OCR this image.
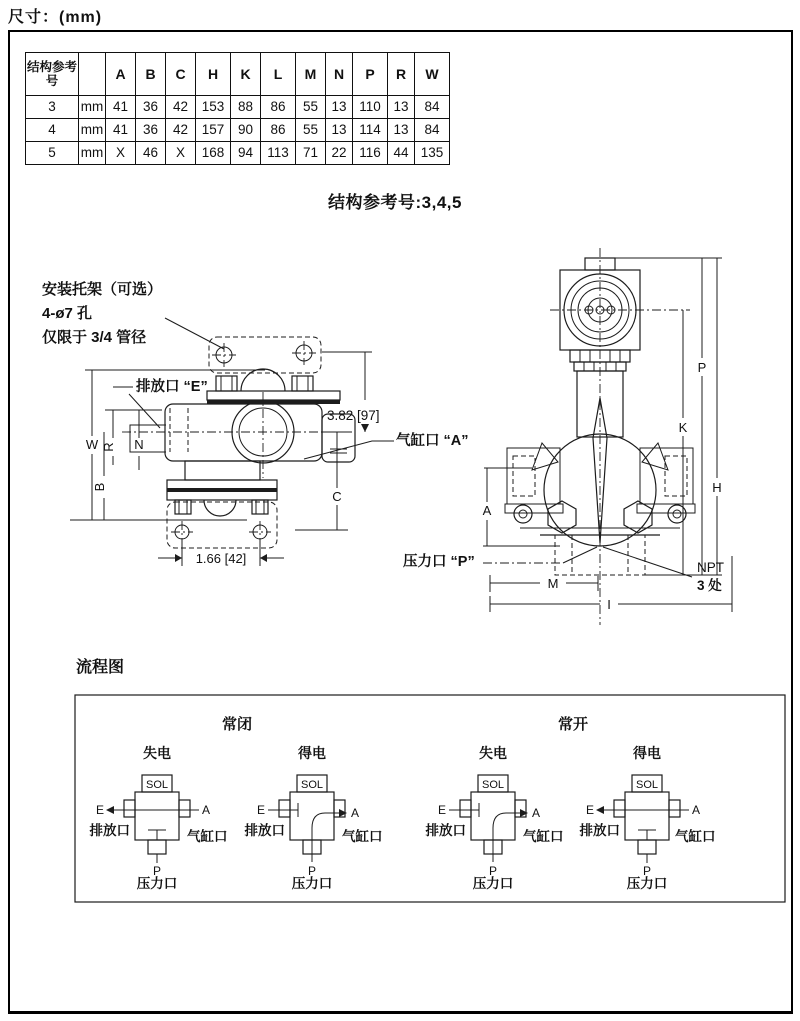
尺寸：(mm)
结构参考号		A	B	C	H	K	L	M	N	P	R	W
3	mm	41	36	42	153	88	86	55	13	110	13	84
4	mm	41	36	42	157	90	86	55	13	114	13	84
5	mm	X	46	X	168	94	113	71	22	116	44	135
结构参考号:3,4,5
1.66 [42]
W R N
B
C
3.82 [97]
安装托架（可选）
4-ø7 孔
仅限于 3/4 管径
排放口 “E”
气缸口 “A”
A
P
K
H
M
I
压力口 “P”	NPT
3 处
流程图
常闭	常开
失电	得电	失电	得电
SOL
E	A
P
排放口	气缸口
压力口
SOL
E	A
P
排放口	气缸口
压力口
SOL
E	A
P
排放口	气缸口
压力口
SOL
E	A
P
排放口	气缸口
压力口
